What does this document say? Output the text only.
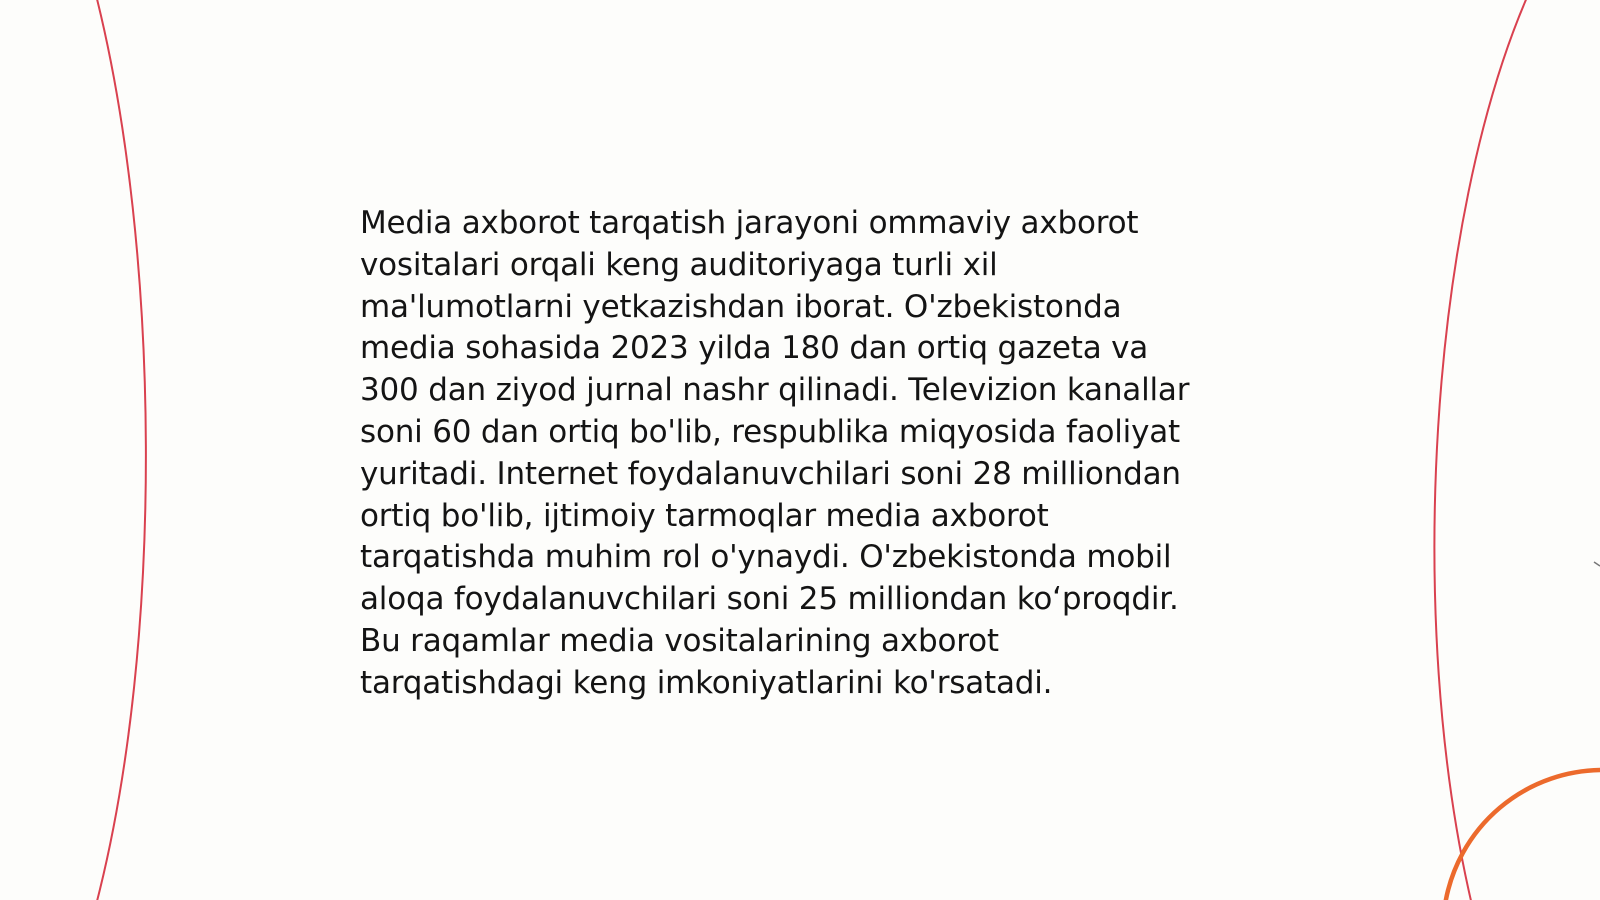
Media axborot tarqatish jarayoni ommaviy axborot
vositalari orqali keng auditoriyaga turli xil
ma'lumotlarni yetkazishdan iborat. O'zbekistonda
media sohasida 2023 yilda 180 dan ortiq gazeta va
300 dan ziyod jurnal nashr qilinadi. Televizion kanallar
soni 60 dan ortiq bo'lib, respublika miqyosida faoliyat
yuritadi. Internet foydalanuvchilari soni 28 milliondan
ortiq bo'lib, ijtimoiy tarmoqlar media axborot
tarqatishda muhim rol o'ynaydi. O'zbekistonda mobil
aloqa foydalanuvchilari soni 25 milliondan ko‘proqdir.
Bu raqamlar media vositalarining axborot
tarqatishdagi keng imkoniyatlarini ko'rsatadi.
